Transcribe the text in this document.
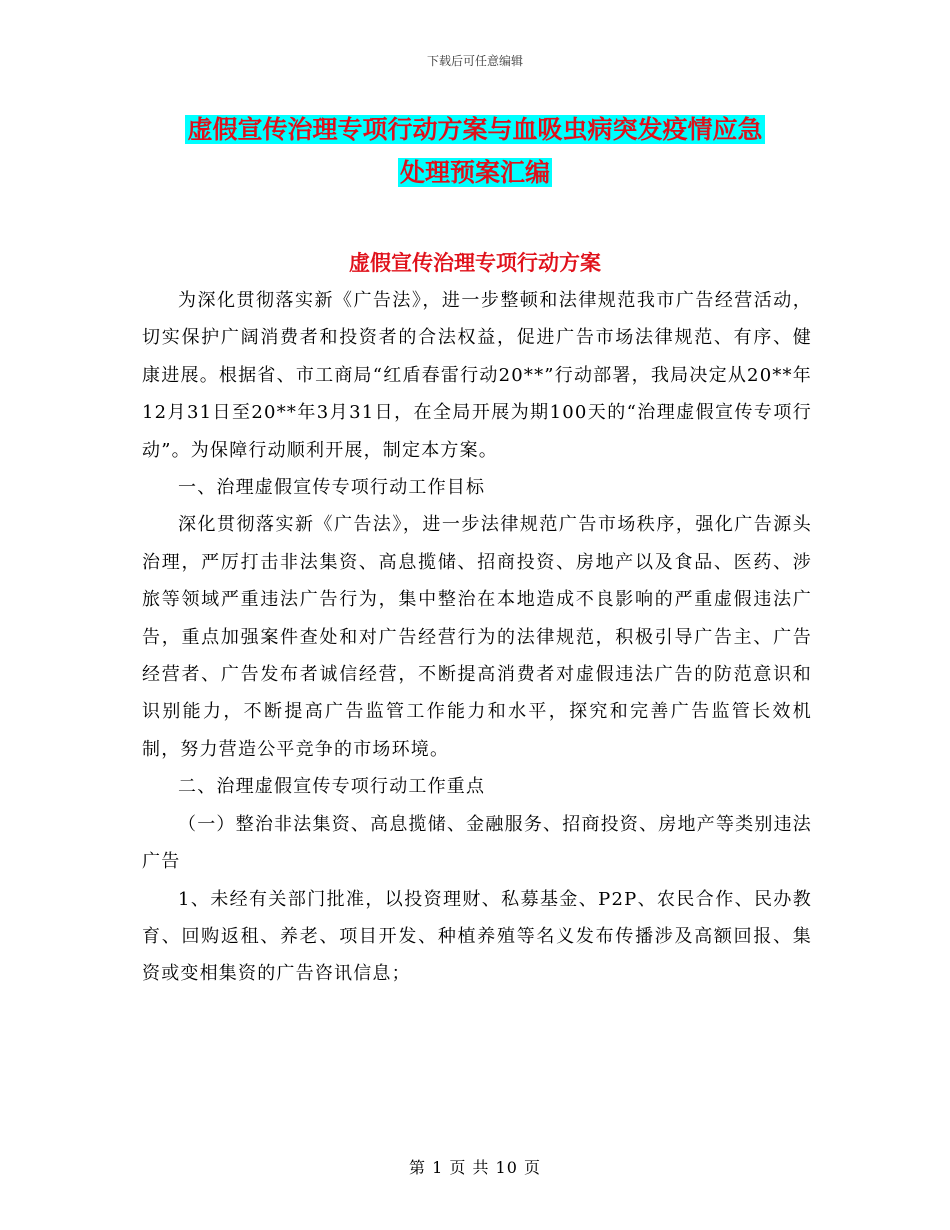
下载后可任意编辑
虚假宣传治理专项行动方案与血吸虫病突发疫情应急
处理预案汇编
虚假宣传治理专项行动方案

为深化贯彻落实新《广告法》，进一步整顿和法律规范我市广告经营活动，切实保护广阔消费者和投资者的合法权益，促进广告市场法律规范、有序、健康进展。根据省、市工商局“红盾春雷行动20**”行动部署，我局决定从20**年12月31日至20**年3月31日，在全局开展为期100天的“治理虚假宣传专项行动”。为保障行动顺利开展，制定本方案。

一、治理虚假宣传专项行动工作目标

深化贯彻落实新《广告法》，进一步法律规范广告市场秩序，强化广告源头治理，严厉打击非法集资、高息揽储、招商投资、房地产以及食品、医药、涉旅等领域严重违法广告行为，集中整治在本地造成不良影响的严重虚假违法广告，重点加强案件查处和对广告经营行为的法律规范，积极引导广告主、广告经营者、广告发布者诚信经营，不断提高消费者对虚假违法广告的防范意识和识别能力，不断提高广告监管工作能力和水平，探究和完善广告监管长效机制，努力营造公平竞争的市场环境。

二、治理虚假宣传专项行动工作重点

（一）整治非法集资、高息揽储、金融服务、招商投资、房地产等类别违法广告

1、未经有关部门批准，以投资理财、私募基金、P2P、农民合作、民办教育、回购返租、养老、项目开发、种植养殖等名义发布传播涉及高额回报、集资或变相集资的广告咨讯信息；

第 1 页 共 10 页
